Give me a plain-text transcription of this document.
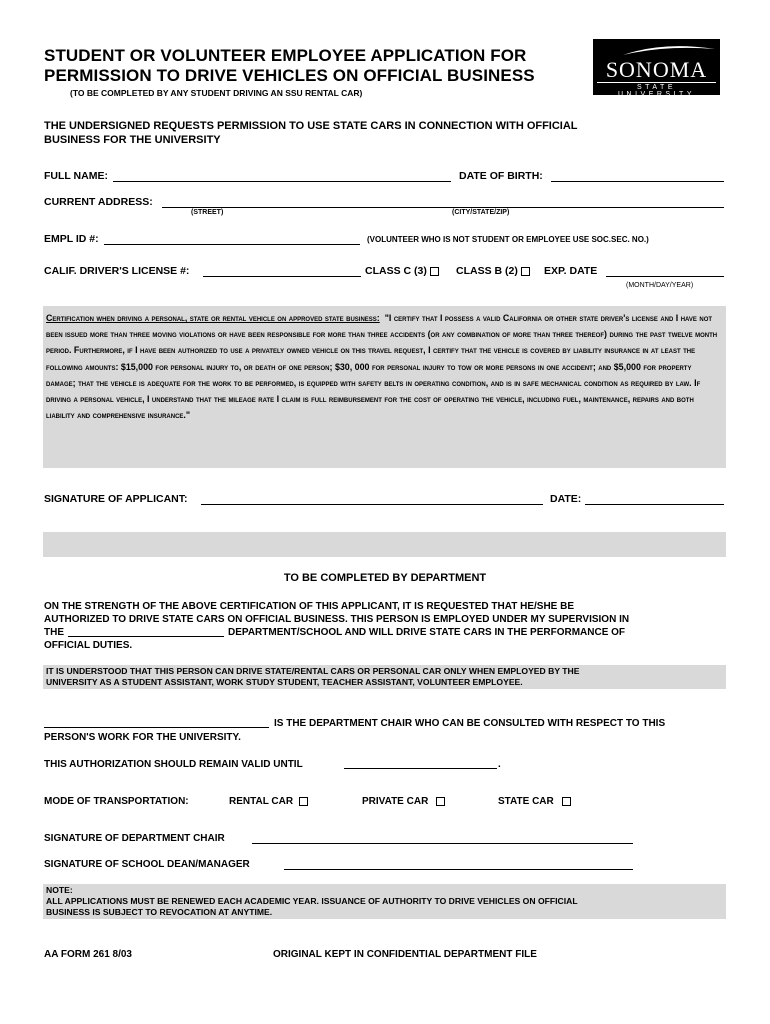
STUDENT OR VOLUNTEER EMPLOYEE APPLICATION FOR
PERMISSION TO DRIVE VEHICLES ON OFFICIAL BUSINESS
(TO BE COMPLETED BY ANY STUDENT DRIVING AN SSU RENTAL CAR)
SONOMA
STATE UNIVERSITY
THE UNDERSIGNED REQUESTS PERMISSION TO USE STATE CARS IN CONNECTION WITH OFFICIAL
BUSINESS FOR THE UNIVERSITY
FULL NAME:	DATE OF BIRTH:
CURRENT ADDRESS:
(STREET)	(CITY/STATE/ZIP)
EMPL ID #:	(VOLUNTEER WHO IS NOT STUDENT OR EMPLOYEE USE SOC.SEC. NO.)
CALIF. DRIVER'S LICENSE #:	CLASS C (3)	CLASS B (2)	EXP. DATE
(MONTH/DAY/YEAR)

Certification when driving a personal, state or rental vehicle on approved state business: "I certify that I possess a valid California or other state driver's license and I have not been issued more than three moving violations or have been responsible for more than three accidents (or any combination of more than three thereof) during the past twelve month period. Furthermore, if I have been authorized to use a privately owned vehicle on this travel request, I certify that the vehicle is covered by liability insurance in at least the following amounts: $15,000 for personal injury to, or death of one person; $30, 000 for personal injury to tow or more persons in one accident; and $5,000 for property damage; that the vehicle is adequate for the work to be performed, is equipped with safety belts in operating condition, and is in safe mechanical condition as required by law. If driving a personal vehicle, I understand that the mileage rate I claim is full reimbursement for the cost of operating the vehicle, including fuel, maintenance, repairs and both liability and comprehensive insurance."

SIGNATURE OF APPLICANT:	DATE:
TO BE COMPLETED BY DEPARTMENT
ON THE STRENGTH OF THE ABOVE CERTIFICATION OF THIS APPLICANT, IT IS REQUESTED THAT HE/SHE BE
AUTHORIZED TO DRIVE STATE CARS ON OFFICIAL BUSINESS. THIS PERSON IS EMPLOYED UNDER MY SUPERVISION IN
THE	DEPARTMENT/SCHOOL AND WILL DRIVE STATE CARS IN THE PERFORMANCE OF
OFFICIAL DUTIES.
IT IS UNDERSTOOD THAT THIS PERSON CAN DRIVE STATE/RENTAL CARS OR PERSONAL CAR ONLY WHEN EMPLOYED BY THE
UNIVERSITY AS A STUDENT ASSISTANT, WORK STUDY STUDENT, TEACHER ASSISTANT, VOLUNTEER EMPLOYEE.
IS THE DEPARTMENT CHAIR WHO CAN BE CONSULTED WITH RESPECT TO THIS
PERSON'S WORK FOR THE UNIVERSITY.
THIS AUTHORIZATION SHOULD REMAIN VALID UNTIL	.
MODE OF TRANSPORTATION:	RENTAL CAR	PRIVATE CAR	STATE CAR
SIGNATURE OF DEPARTMENT CHAIR
SIGNATURE OF SCHOOL DEAN/MANAGER
NOTE:
ALL APPLICATIONS MUST BE RENEWED EACH ACADEMIC YEAR. ISSUANCE OF AUTHORITY TO DRIVE VEHICLES ON OFFICIAL
BUSINESS IS SUBJECT TO REVOCATION AT ANYTIME.
AA FORM 261 8/03	ORIGINAL KEPT IN CONFIDENTIAL DEPARTMENT FILE
